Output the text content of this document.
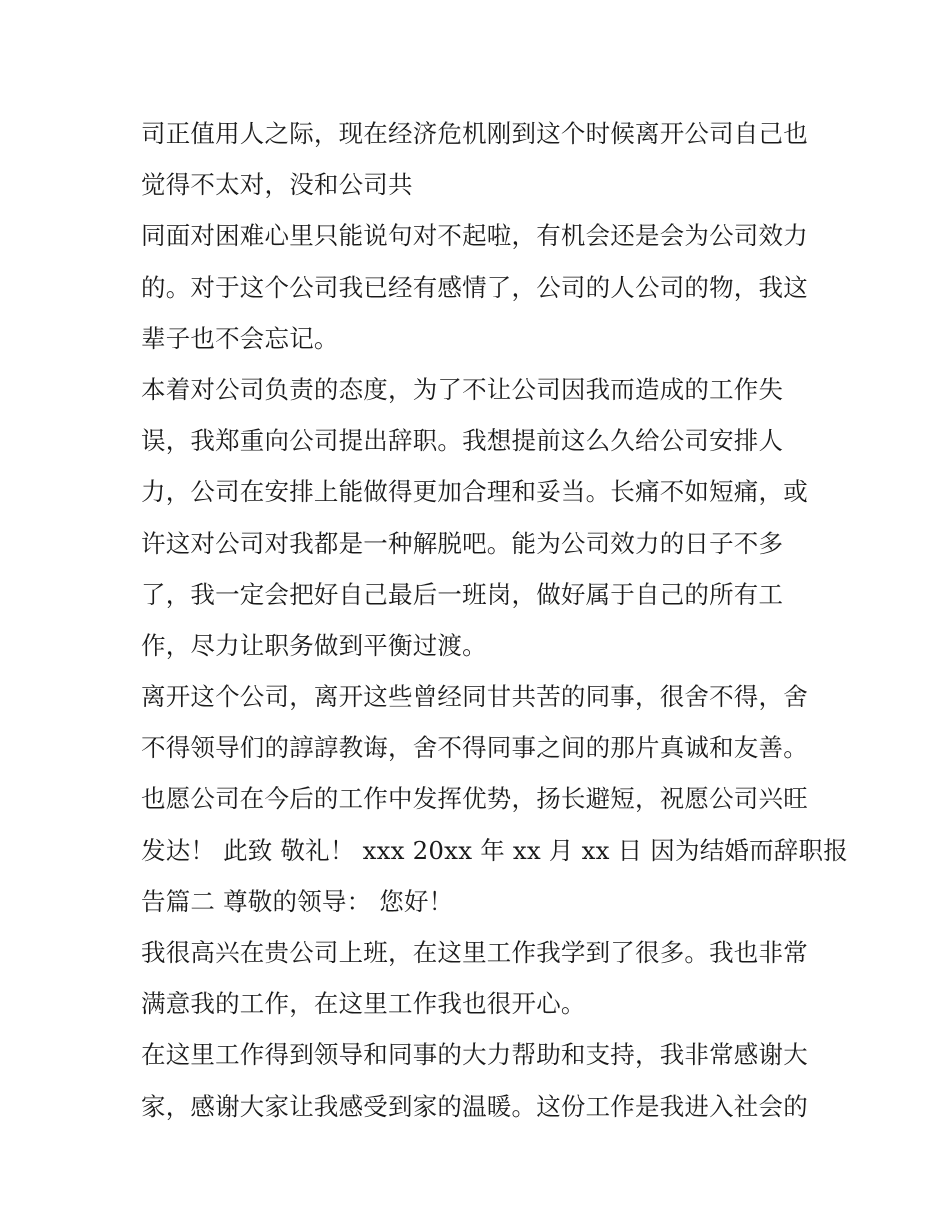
司正值用人之际，现在经济危机刚到这个时候离开公司自己也
觉得不太对，没和公司共
同面对困难心里只能说句对不起啦，有机会还是会为公司效力
的。对于这个公司我已经有感情了，公司的人公司的物，我这
辈子也不会忘记。
本着对公司负责的态度，为了不让公司因我而造成的工作失
误，我郑重向公司提出辞职。我想提前这么久给公司安排人
力，公司在安排上能做得更加合理和妥当。长痛不如短痛，或
许这对公司对我都是一种解脱吧。能为公司效力的日子不多
了，我一定会把好自己最后一班岗，做好属于自己的所有工
作，尽力让职务做到平衡过渡。
离开这个公司，离开这些曾经同甘共苦的同事，很舍不得，舍
不得领导们的諄諄教诲，舍不得同事之间的那片真诚和友善。
也愿公司在今后的工作中发挥优势，扬长避短，祝愿公司兴旺
发达！ 此致 敬礼！ xxx 20xx 年 xx 月 xx 日 因为结婚而辞职报
告篇二 尊敬的领导： 您好！
我很高兴在贵公司上班，在这里工作我学到了很多。我也非常
满意我的工作，在这里工作我也很开心。
在这里工作得到领导和同事的大力帮助和支持，我非常感谢大
家，感谢大家让我感受到家的温暖。这份工作是我进入社会的
